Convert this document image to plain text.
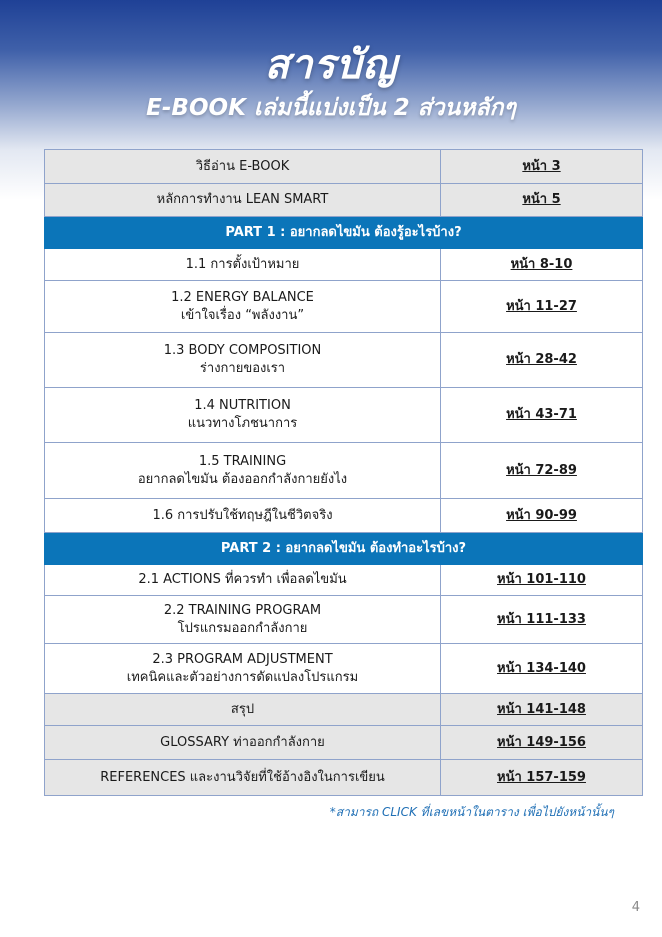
สารบัญ
E-BOOK เล่มนี้แบ่งเป็น 2 ส่วนหลักๆ
วิธีอ่าน E-BOOK	หน้า 3

หลักการทำงาน LEAN SMART	หน้า 5
PART 1 : อยากลดไขมัน ต้องรู้อะไรบ้าง?	

1.1 การตั้งเป้าหมาย	หน้า 8-10

1.2 ENERGY BALANCE
เข้าใจเรื่อง “พลังงาน”	หน้า 11-27

1.3 BODY COMPOSITION
ร่างกายของเรา	หน้า 28-42

1.4 NUTRITION
แนวทางโภชนาการ	หน้า 43-71

1.5 TRAINING
อยากลดไขมัน ต้องออกกำลังกายยังไง	หน้า 72-89

1.6 การปรับใช้ทฤษฎีในชีวิตจริง	หน้า 90-99
PART 2 : อยากลดไขมัน ต้องทำอะไรบ้าง?	

2.1 ACTIONS ที่ควรทำ เพื่อลดไขมัน	หน้า 101-110

2.2 TRAINING PROGRAM
โปรแกรมออกกำลังกาย	หน้า 111-133

2.3 PROGRAM ADJUSTMENT
เทคนิคและตัวอย่างการดัดแปลงโปรแกรม	หน้า 134-140

สรุป	หน้า 141-148

GLOSSARY ท่าออกกำลังกาย	หน้า 149-156

REFERENCES และงานวิจัยที่ใช้อ้างอิงในการเขียน	หน้า 157-159
*สามารถ CLICK ที่เลขหน้าในตาราง เพื่อไปยังหน้านั้นๆ
4
